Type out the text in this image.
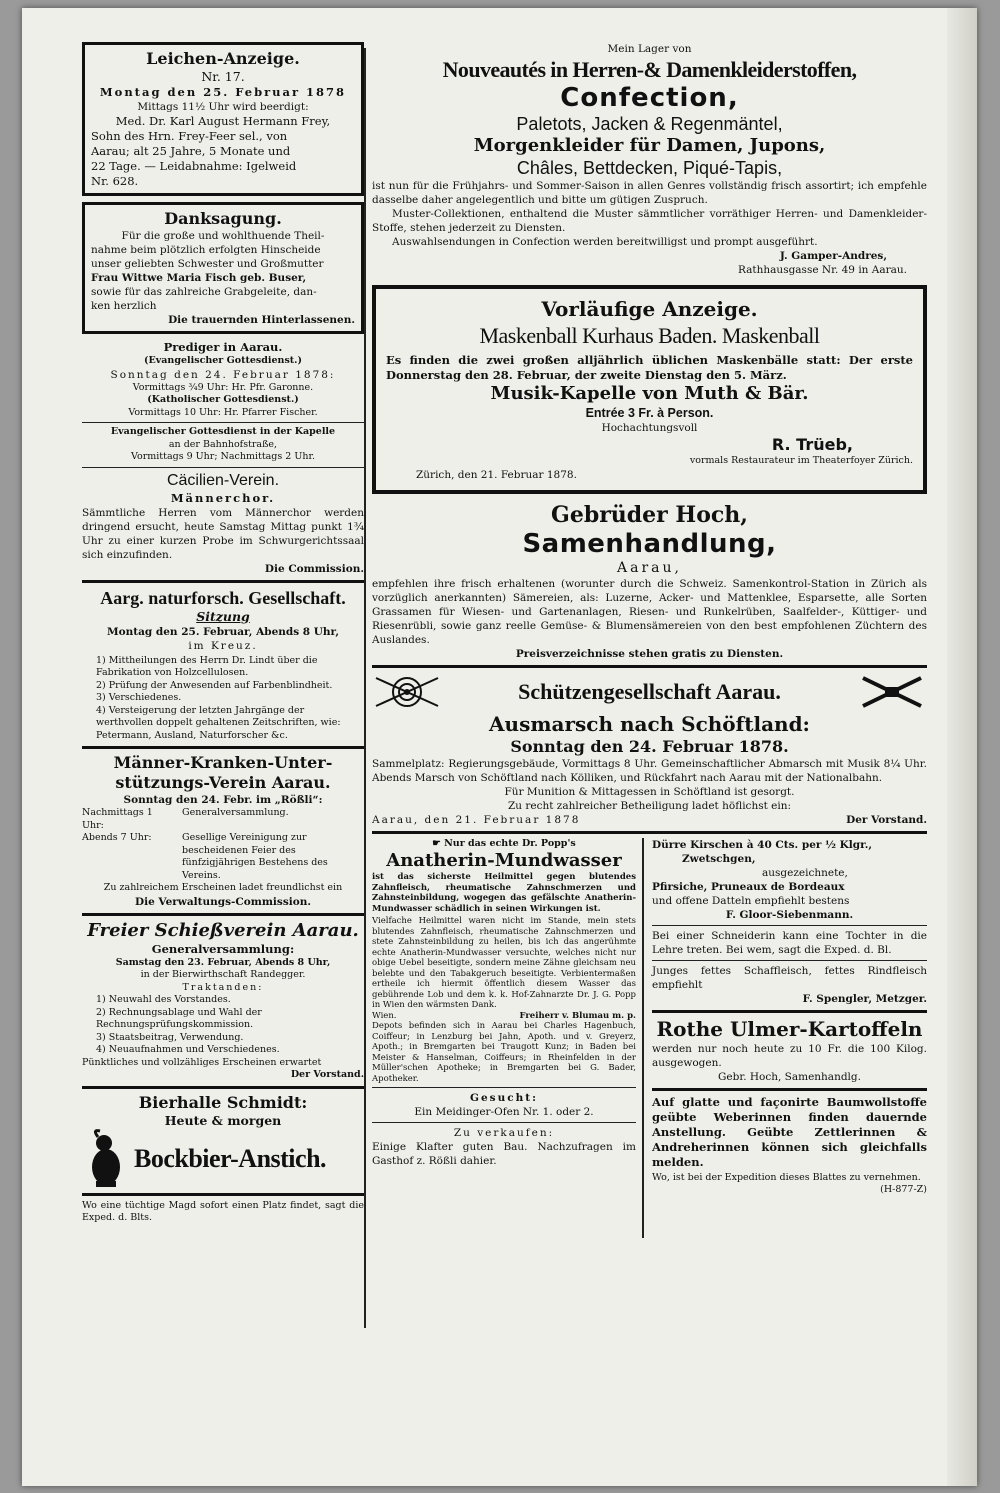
Leichen-Anzeige.
Nr. 17.
Montag den 25. Februar 1878
Mittags 11½ Uhr wird beerdigt:
Med. Dr. Karl August Hermann Frey,
Sohn des Hrn. Frey-Feer sel., von
Aarau; alt 25 Jahre, 5 Monate und
22 Tage. — Leidabnahme: Igelweid
Nr. 628.
Danksagung.
Für die große und wohlthuende Theil-
nahme beim plötzlich erfolgten Hinscheide
unser geliebten Schwester und Großmutter
Frau Wittwe Maria Fisch geb. Buser,
sowie für das zahlreiche Grabgeleite, dan-
ken herzlich
Die trauernden Hinterlassenen.
Prediger in Aarau.
(Evangelischer Gottesdienst.)
Sonntag den 24. Februar 1878:
Vormittags ¾9 Uhr: Hr. Pfr. Garonne.
(Katholischer Gottesdienst.)
Vormittags 10 Uhr: Hr. Pfarrer Fischer.
Evangelischer Gottesdienst in der Kapelle
an der Bahnhofstraße,
Vormittags 9 Uhr; Nachmittags 2 Uhr.
Cäcilien-Verein.
Männerchor.
Sämmtliche Herren vom Männerchor werden dringend ersucht, heute Samstag Mittag punkt 1¾ Uhr zu einer kurzen Probe im Schwurgerichtssaal sich einzufinden.
Die Commission.
Aarg. naturforsch. Gesellschaft.
Sitzung
Montag den 25. Februar, Abends 8 Uhr,
im Kreuz.
1) Mittheilungen des Herrn Dr. Lindt über die Fabrikation von Holzcellulosen.
2) Prüfung der Anwesenden auf Farbenblindheit.
3) Verschiedenes.
4) Versteigerung der letzten Jahrgänge der werthvollen doppelt gehaltenen Zeitschriften, wie: Petermann, Ausland, Naturforscher &c.
Männer-Kranken-Unter-
stützungs-Verein Aarau.
Sonntag den 24. Febr. im „Rößli“:
Nachmittags 1 Uhr:
Generalversammlung.
Abends 7 Uhr:	Gesellige Vereinigung zur bescheidenen Feier des fünfzigjährigen Bestehens des Vereins.
Zu zahlreichem Erscheinen ladet freundlichst ein
Die Verwaltungs-Commission.
Freier Schießverein Aarau.
Generalversammlung:
Samstag den 23. Februar, Abends 8 Uhr,
in der Bierwirthschaft Randegger.
Traktanden:
1) Neuwahl des Vorstandes.
2) Rechnungsablage und Wahl der Rechnungsprüfungskommission.
3) Staatsbeitrag, Verwendung.
4) Neuaufnahmen und Verschiedenes.
Pünktliches und vollzähliges Erscheinen erwartet
Der Vorstand.
Bierhalle Schmidt:
Heute & morgen
Bockbier-Anstich.
Wo eine tüchtige Magd sofort einen Platz findet, sagt die Exped. d. Blts.
Mein Lager von
Nouveautés in Herren-& Damenkleiderstoffen,
Confection,
Paletots, Jacken & Regenmäntel,
Morgenkleider für Damen, Jupons,
Châles, Bettdecken, Piqué-Tapis,
ist nun für die Frühjahrs- und Sommer-Saison in allen Genres vollständig frisch assortirt; ich empfehle dasselbe daher angelegentlich und bitte um gütigen Zuspruch.
Muster-Collektionen, enthaltend die Muster sämmtlicher vorräthiger Herren- und Damenkleider-Stoffe, stehen jederzeit zu Diensten.
Auswahlsendungen in Confection werden bereitwilligst und prompt ausgeführt.
J. Gamper-Andres,
Rathhausgasse Nr. 49 in Aarau.
Vorläufige Anzeige.
Maskenball Kurhaus Baden. Maskenball
Es finden die zwei großen alljährlich üblichen Maskenbälle statt: Der erste Donnerstag den 28. Februar, der zweite Dienstag den 5. März.
Musik-Kapelle von Muth & Bär.
Entrée 3 Fr. à Person.
Hochachtungsvoll
R. Trüeb,
vormals Restaurateur im Theaterfoyer Zürich.
Zürich, den 21. Februar 1878.
Gebrüder Hoch,
Samenhandlung,
Aarau,
empfehlen ihre frisch erhaltenen (worunter durch die Schweiz. Samenkontrol-Station in Zürich als vorzüglich anerkannten) Sämereien, als: Luzerne, Acker- und Mattenklee, Esparsette, alle Sorten Grassamen für Wiesen- und Gartenanlagen, Riesen- und Runkelrüben, Saalfelder-, Küttiger- und Riesenrübli, sowie ganz reelle Gemüse- & Blumensämereien von den best empfohlenen Züchtern des Auslandes.
Preisverzeichnisse stehen gratis zu Diensten.
Schützengesellschaft Aarau.
Ausmarsch nach Schöftland:
Sonntag den 24. Februar 1878.
Sammelplatz: Regierungsgebäude, Vormittags 8 Uhr. Gemeinschaftlicher Abmarsch mit Musik 8¼ Uhr. Abends Marsch von Schöftland nach Kölliken, und Rückfahrt nach Aarau mit der Nationalbahn.
Für Munition & Mittagessen in Schöftland ist gesorgt.
Zu recht zahlreicher Betheiligung ladet höflichst ein:
Aarau, den 21. Februar 1878	Der Vorstand.
☛ Nur das echte Dr. Popp's
Anatherin-Mundwasser
ist das sicherste Heilmittel gegen blutendes Zahnfleisch, rheumatische Zahnschmerzen und Zahnsteinbildung, wogegen das gefälschte Anatherin-Mundwasser schädlich in seinen Wirkungen ist.
Vielfache Heilmittel waren nicht im Stande, mein stets blutendes Zahnfleisch, rheumatische Zahnschmerzen und stete Zahnsteinbildung zu heilen, bis ich das angerühmte echte Anatherin-Mundwasser versuchte, welches nicht nur obige Uebel beseitigte, sondern meine Zähne gleichsam neu belebte und den Tabakgeruch beseitigte. Verbientermaßen ertheile ich hiermit öffentlich diesem Wasser das gebührende Lob und dem k. k. Hof-Zahnarzte Dr. J. G. Popp in Wien den wärmsten Dank.
Wien.	Freiherr v. Blumau m. p.
Depots befinden sich in Aarau bei Charles Hagenbuch, Coiffeur; in Lenzburg bei Jahn, Apoth. und v. Greyerz, Apoth.; in Bremgarten bei Traugott Kunz; in Baden bei Meister & Hanselman, Coiffeurs; in Rheinfelden in der Müller'schen Apotheke; in Bremgarten bei G. Bader, Apotheker.
Gesucht:
Ein Meidinger-Ofen Nr. 1. oder 2.
Zu verkaufen:
Einige Klafter guten Bau. Nachzufragen im Gasthof z. Rößli dahier.
Dürre Kirschen à 40 Cts. per ½ Klgr.,
Zwetschgen,
ausgezeichnete,
Pfirsiche, Pruneaux de Bordeaux
und offene Datteln empfiehlt bestens
F. Gloor-Siebenmann.
Bei einer Schneiderin kann eine Tochter in die Lehre treten. Bei wem, sagt die Exped. d. Bl.
Junges fettes Schaffleisch, fettes Rindfleisch empfiehlt
F. Spengler, Metzger.
Rothe Ulmer-Kartoffeln
werden nur noch heute zu 10 Fr. die 100 Kilog. ausgewogen.
Gebr. Hoch, Samenhandlg.
Auf glatte und façonirte Baumwollstoffe geübte Weberinnen finden dauernde Anstellung. Geübte Zettlerinnen & Andreherinnen können sich gleichfalls melden.
Wo, ist bei der Expedition dieses Blattes zu vernehmen.
(H-877-Z)
